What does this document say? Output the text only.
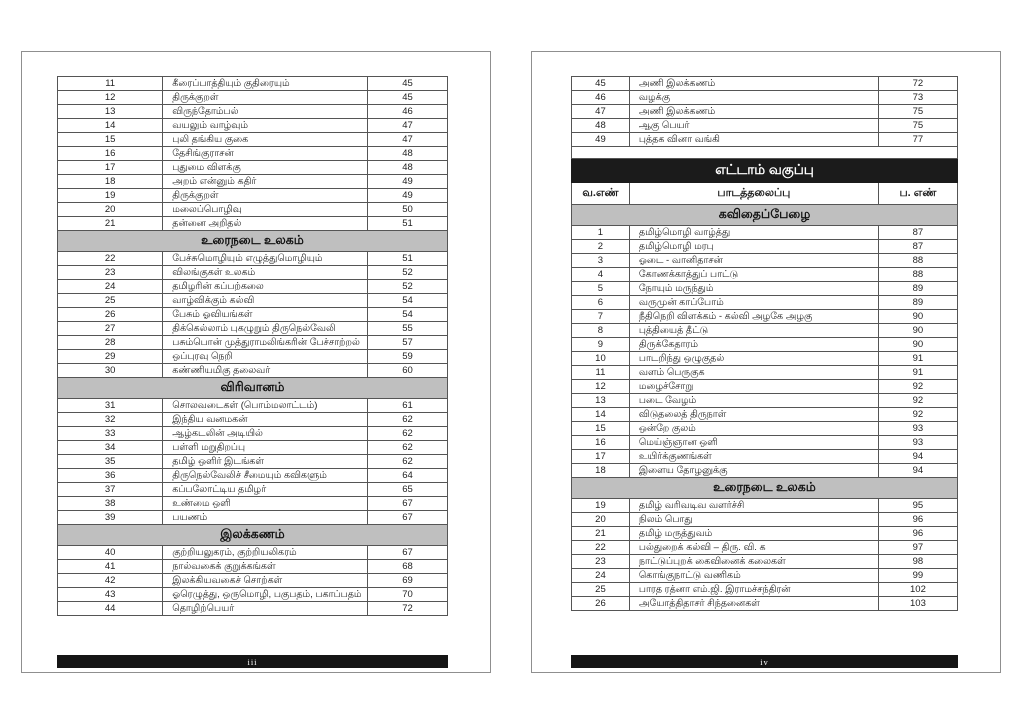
11	கீரைப்பாத்தியும் குதிரையும்	45
12	திருக்குறள்	45
13	விருந்தோம்பல்	46
14	வயலும் வாழ்வும்	47
15	புலி தங்கிய குகை	47
16	தேசிங்குராசன்	48
17	புதுமை விளக்கு	48
18	அறம் என்னும் கதிர்	49
19	திருக்குறள்	49
20	மலைப்பொழிவு	50
21	தன்னை அறிதல்	51
உரைநடை உலகம்		
22	பேச்சுமொழியும் எழுத்துமொழியும்	51
23	விலங்குகள் உலகம்	52
24	தமிழரின் கப்பற்கலை	52
25	வாழ்விக்கும் கல்வி	54
26	பேசும் ஓவியங்கள்	54
27	திக்கெல்லாம் புகழுறும் திருநெல்வேலி	55
28	பசும்பொன் முத்துராமலிங்கரின் பேச்சாற்றல்	57
29	ஒப்புரவு நெறி	59
30	கண்ணியமிகு தலைவர்	60
விரிவானம்		
31	சொலவடைகள் (பொம்மலாட்டம்)	61
32	இந்திய வனமகன்	62
33	ஆழ்கடலின் அடியில்	62
34	பள்ளி மறுதிறப்பு	62
35	தமிழ் ஒளிர் இடங்கள்	62
36	திருநெல்வேலிச் சீமையும் கவிகளும்	64
37	கப்பலோட்டிய தமிழர்	65
38	உண்மை ஒளி	67
39	பயணம்	67
இலக்கணம்		
40	குற்றியலுகரம், குற்றியலிகரம்	67
41	நால்வகைக் குறுக்கங்கள்	68
42	இலக்கியவகைச் சொற்கள்	69
43	ஓரெழுத்து, ஒருமொழி, பகுபதம், பகாப்பதம்	70
44	தொழிற்பெயர்	72
iii
45	அணி இலக்கணம்	72
46	வழக்கு	73
47	அணி இலக்கணம்	75
48	ஆகு பெயர்	75
49	புத்தக வினா வங்கி	77

எட்டாம் வகுப்பு		
வ.எண்	பாடத்தலைப்பு	ப. எண்
கவிதைப்பேழை		
1	தமிழ்மொழி வாழ்த்து	87
2	தமிழ்மொழி மரபு	87
3	ஓடை - வானிதாசன்	88
4	கோணக்காத்துப் பாட்டு	88
5	நோயும் மருந்தும்	89
6	வருமுன் காப்போம்	89
7	நீதிநெறி விளக்கம் - கல்வி அழகே அழகு	90
8	புத்தியைத் தீட்டு	90
9	திருக்கேதாரம்	90
10	பாடறிந்து ஒழுகுதல்	91
11	வளம் பெருகுக	91
12	மழைச்சோறு	92
13	படை வேழம்	92
14	விடுதலைத் திருநாள்	92
15	ஒன்றே குலம்	93
16	மெய்ஞ்ஞான ஒளி	93
17	உயிர்க்குணங்கள்	94
18	இளைய தோழனுக்கு	94
உரைநடை உலகம்		
19	தமிழ் வரிவடிவ வளர்ச்சி	95
20	நிலம் பொது	96
21	தமிழ் மருத்துவம்	96
22	பல்துறைக் கல்வி – திரு. வி. க	97
23	நாட்டுப்புறக் கைவினைக் கலைகள்	98
24	கொங்குநாட்டு வணிகம்	99
25	பாரத ரத்னா எம்.ஜி. இராமச்சந்திரன்	102
26	அயோத்திதாசர் சிந்தனைகள்	103
iv
